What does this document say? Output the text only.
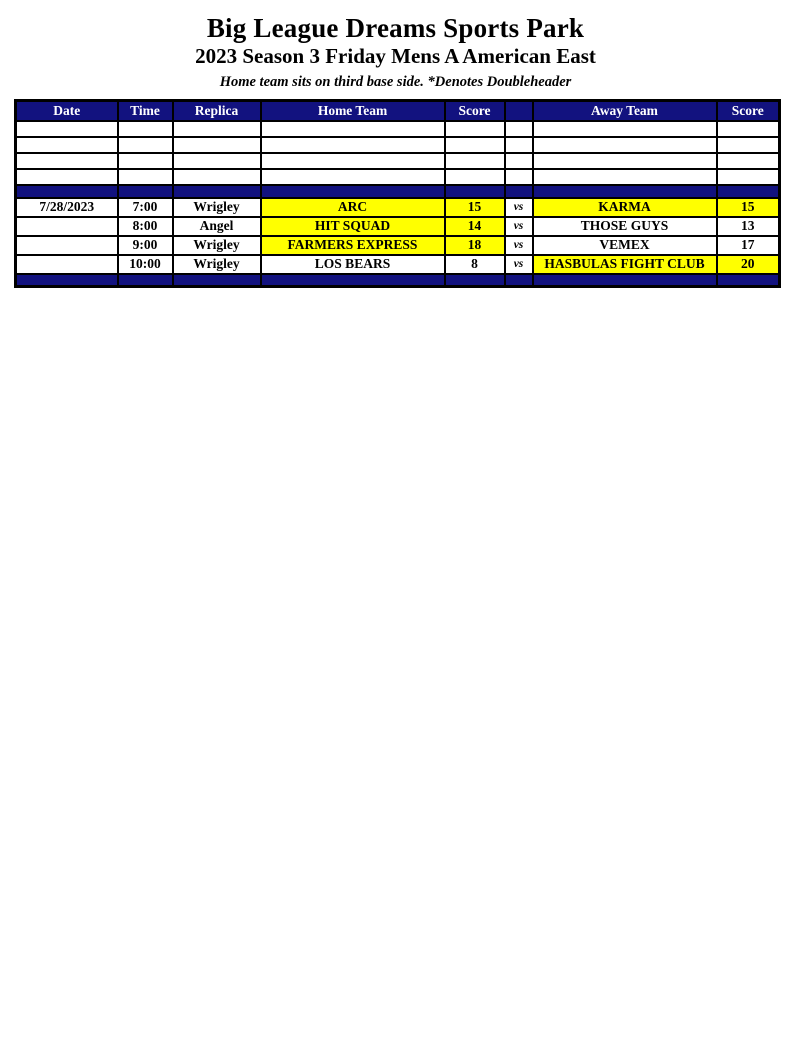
Big League Dreams Sports Park
2023 Season 3 Friday Mens A American East
Home team sits on third base side. *Denotes Doubleheader
Date	Time	Replica	Home Team	Score		Away Team	Score

7/28/2023	7:00	Wrigley	ARC	15	vs	KARMA	15
	8:00	Angel	HIT SQUAD	14	vs	THOSE GUYS	13
	9:00	Wrigley	FARMERS EXPRESS	18	vs	VEMEX	17
	10:00	Wrigley	LOS BEARS	8	vs	HASBULAS FIGHT CLUB	20
